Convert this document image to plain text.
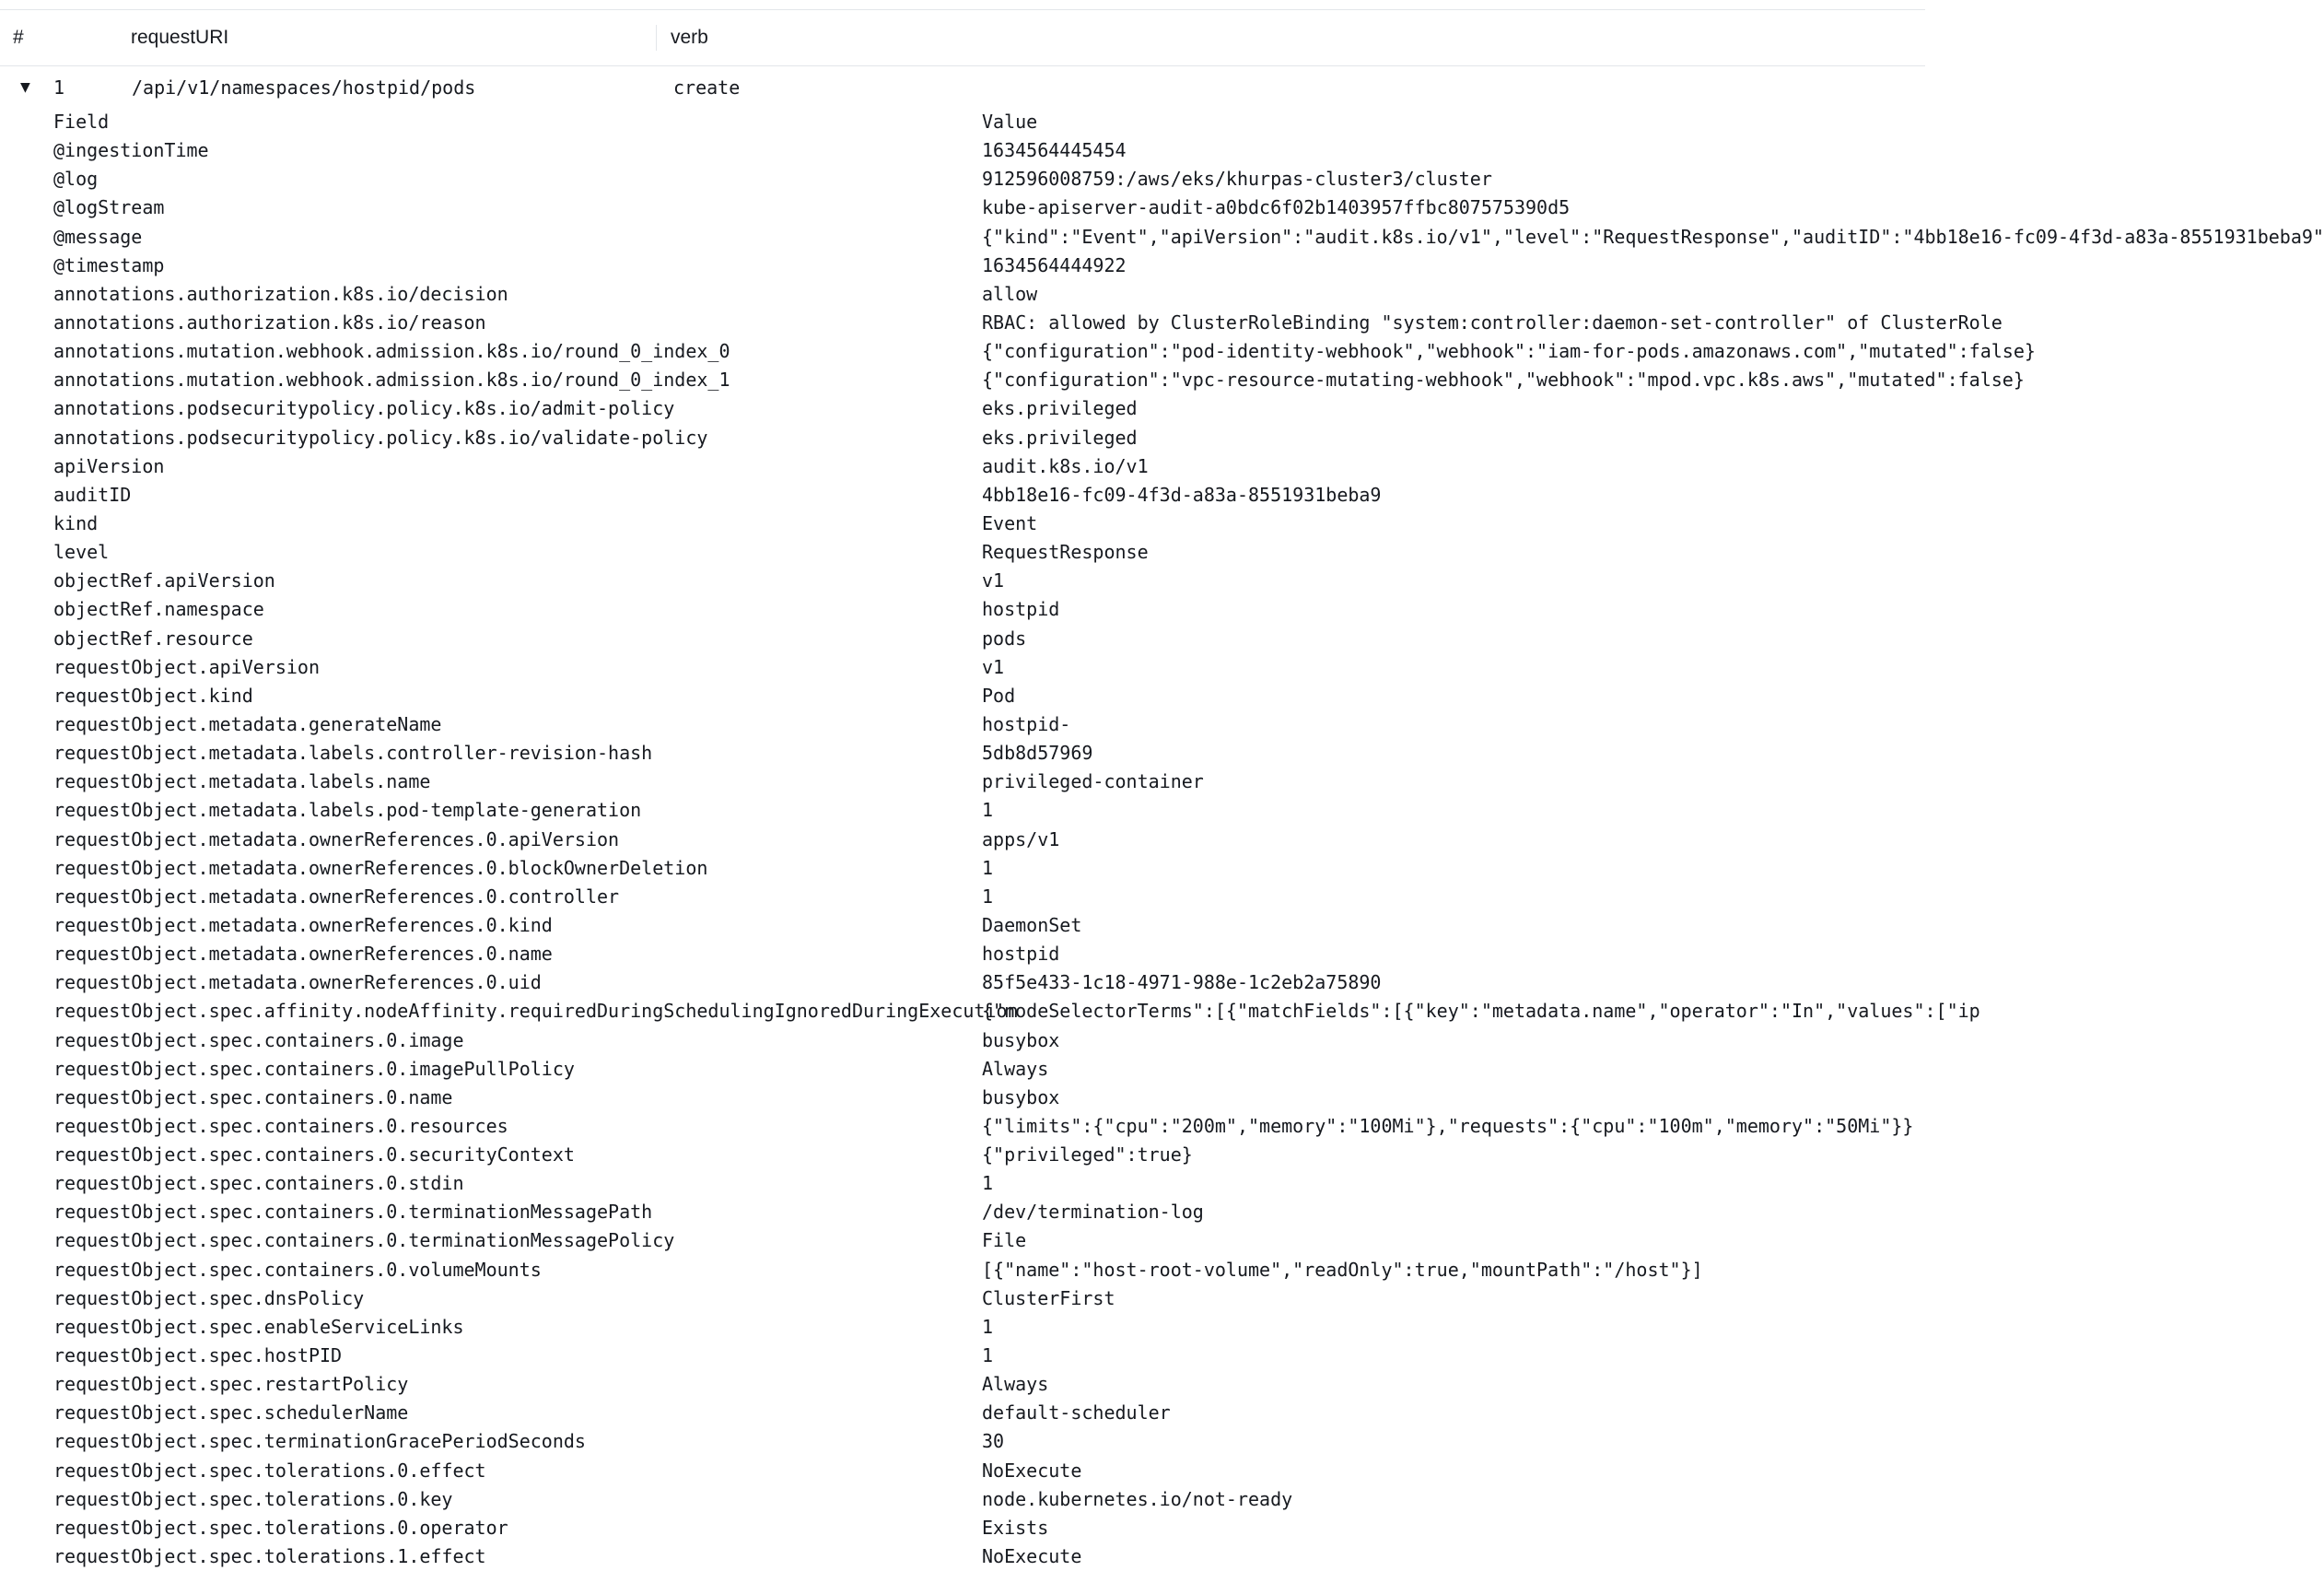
#	requestURI	verb
▼ 1	/api/v1/namespaces/hostpid/pods	create
Field	Value
@ingestionTime	1634564445454
@log	912596008759:/aws/eks/khurpas-cluster3/cluster
@logStream	kube-apiserver-audit-a0bdc6f02b1403957ffbc807575390d5
@message	{"kind":"Event","apiVersion":"audit.k8s.io/v1","level":"RequestResponse","auditID":"4bb18e16-fc09-4f3d-a83a-8551931beba9"
@timestamp	1634564444922
annotations.authorization.k8s.io/decision	allow
annotations.authorization.k8s.io/reason	RBAC: allowed by ClusterRoleBinding "system:controller:daemon-set-controller" of ClusterRole
annotations.mutation.webhook.admission.k8s.io/round_0_index_0	{"configuration":"pod-identity-webhook","webhook":"iam-for-pods.amazonaws.com","mutated":false}
annotations.mutation.webhook.admission.k8s.io/round_0_index_1	{"configuration":"vpc-resource-mutating-webhook","webhook":"mpod.vpc.k8s.aws","mutated":false}
annotations.podsecuritypolicy.policy.k8s.io/admit-policy	eks.privileged
annotations.podsecuritypolicy.policy.k8s.io/validate-policy	eks.privileged
apiVersion	audit.k8s.io/v1
auditID	4bb18e16-fc09-4f3d-a83a-8551931beba9
kind	Event
level	RequestResponse
objectRef.apiVersion	v1
objectRef.namespace	hostpid
objectRef.resource	pods
requestObject.apiVersion	v1
requestObject.kind	Pod
requestObject.metadata.generateName	hostpid-
requestObject.metadata.labels.controller-revision-hash	5db8d57969
requestObject.metadata.labels.name	privileged-container
requestObject.metadata.labels.pod-template-generation	1
requestObject.metadata.ownerReferences.0.apiVersion	apps/v1
requestObject.metadata.ownerReferences.0.blockOwnerDeletion	1
requestObject.metadata.ownerReferences.0.controller	1
requestObject.metadata.ownerReferences.0.kind	DaemonSet
requestObject.metadata.ownerReferences.0.name	hostpid
requestObject.metadata.ownerReferences.0.uid	85f5e433-1c18-4971-988e-1c2eb2a75890
requestObject.spec.affinity.nodeAffinity.requiredDuringSchedulingIgnoredDuringExecution
{"nodeSelectorTerms":[{"matchFields":[{"key":"metadata.name","operator":"In","values":["ip
requestObject.spec.containers.0.image	busybox
requestObject.spec.containers.0.imagePullPolicy	Always
requestObject.spec.containers.0.name	busybox
requestObject.spec.containers.0.resources	{"limits":{"cpu":"200m","memory":"100Mi"},"requests":{"cpu":"100m","memory":"50Mi"}}
requestObject.spec.containers.0.securityContext	{"privileged":true}
requestObject.spec.containers.0.stdin	1
requestObject.spec.containers.0.terminationMessagePath	/dev/termination-log
requestObject.spec.containers.0.terminationMessagePolicy	File
requestObject.spec.containers.0.volumeMounts	[{"name":"host-root-volume","readOnly":true,"mountPath":"/host"}]
requestObject.spec.dnsPolicy	ClusterFirst
requestObject.spec.enableServiceLinks	1
requestObject.spec.hostPID	1
requestObject.spec.restartPolicy	Always
requestObject.spec.schedulerName	default-scheduler
requestObject.spec.terminationGracePeriodSeconds	30
requestObject.spec.tolerations.0.effect	NoExecute
requestObject.spec.tolerations.0.key	node.kubernetes.io/not-ready
requestObject.spec.tolerations.0.operator	Exists
requestObject.spec.tolerations.1.effect	NoExecute
